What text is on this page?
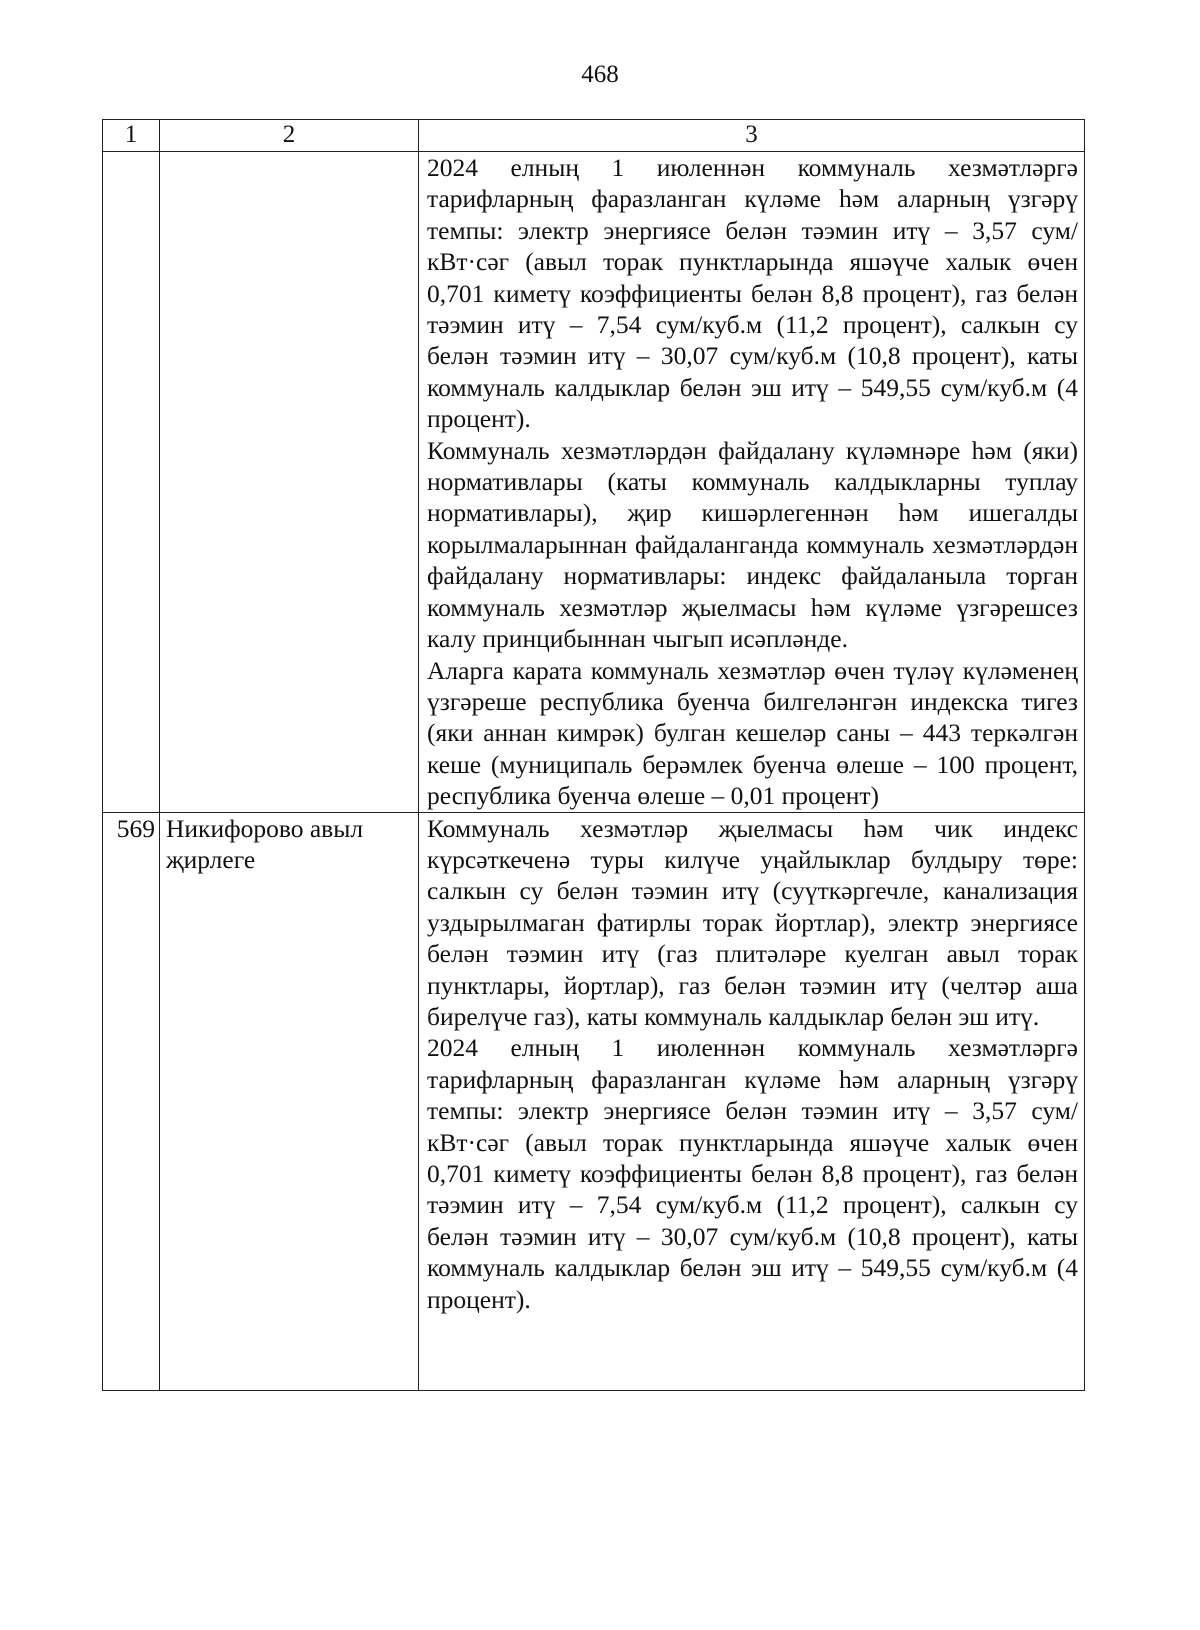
468
1	2	3

		2024 елның 1 июленнән коммуналь хезмәтләргә тарифларның фаразланган күләме һәм аларның үзгәрү темпы: электр энергиясе белән тәэмин итү – 3,57 сум/кВт·сәг (авыл торак пунктларында яшәүче халык өчен 0,701 киметү коэффициенты белән 8,8 процент), газ белән тәэмин итү – 7,54 сум/куб.м (11,2 процент), салкын су белән тәэмин итү – 30,07 сум/куб.м (10,8 процент), каты коммуналь калдыклар белән эш итү – 549,55 сум/куб.м (4 процент).

Коммуналь хезмәтләрдән файдалану күләмнәре һәм (яки) нормативлары (каты коммуналь калдыкларны туплау нормативлары), җир кишәрлегеннән һәм ишегалды корылмаларыннан файдаланганда коммуналь хезмәтләрдән файдалану нормативлары: индекс файдаланыла торган коммуналь хезмәтләр җыелмасы һәм күләме үзгәрешсез калу принцибыннан чыгып исәпләнде.

Аларга карата коммуналь хезмәтләр өчен түләү күләменең үзгәреше республика буенча билгеләнгән индекска тигез (яки аннан кимрәк) булган кешеләр саны – 443 теркәлгән кеше (муниципаль берәмлек буенча өлеше – 100 процент, республика буенча өлеше – 0,01 процент)

569	Никифорово авыл җирлеге	Коммуналь хезмәтләр җыелмасы һәм чик индекс күрсәткеченә туры килүче уңайлыклар булдыру төре: салкын су белән тәэмин итү (суүткәргечле, канализация уздырылмаган фатирлы торак йортлар), электр энергиясе белән тәэмин итү (газ плитәләре куелган авыл торак пунктлары, йортлар), газ белән тәэмин итү (челтәр аша бирелүче газ), каты коммуналь калдыклар белән эш итү.

2024 елның 1 июленнән коммуналь хезмәтләргә тарифларның фаразланган күләме һәм аларның үзгәрү темпы: электр энергиясе белән тәэмин итү – 3,57 сум/кВт·сәг (авыл торак пунктларында яшәүче халык өчен 0,701 киметү коэффициенты белән 8,8 процент), газ белән тәэмин итү – 7,54 сум/куб.м (11,2 процент), салкын су белән тәэмин итү – 30,07 сум/куб.м (10,8 процент), каты коммуналь калдыклар белән эш итү – 549,55 сум/куб.м (4 процент).
